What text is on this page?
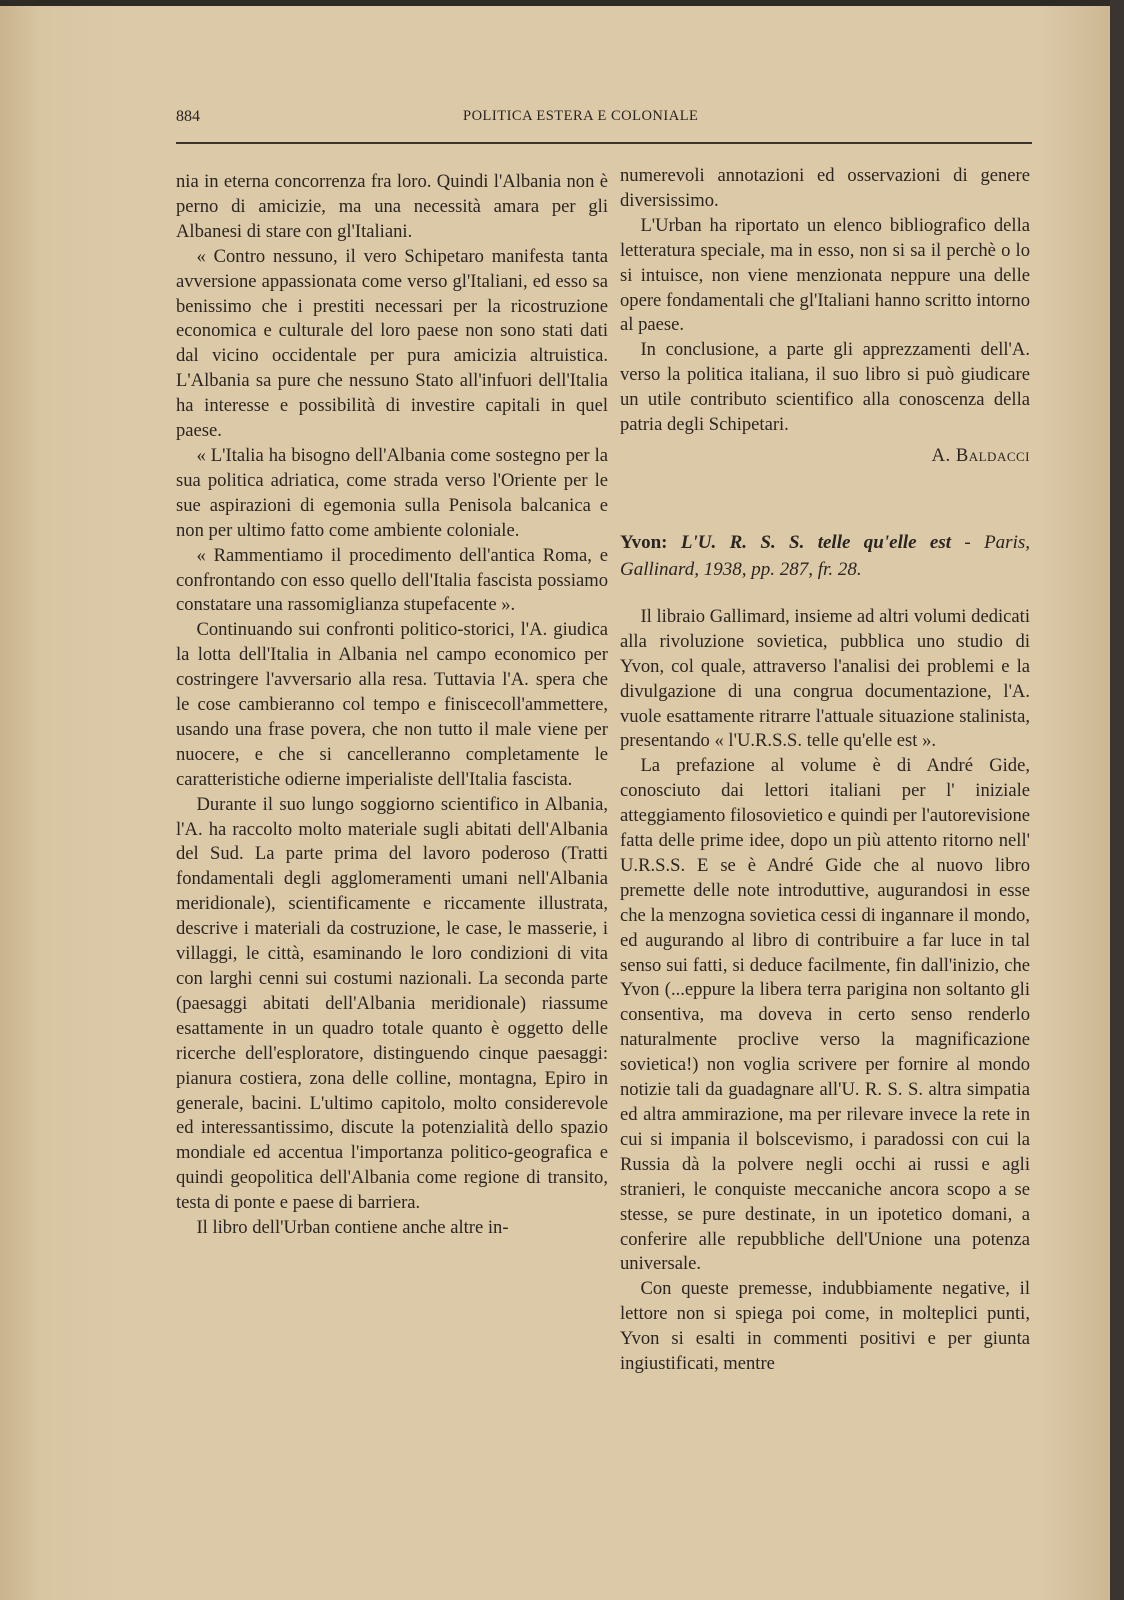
884	POLITICA ESTERA E COLONIALE

nia in eterna concorrenza fra loro. Quindi l'Albania non è perno di amicizie, ma una necessità amara per gli Albanesi di stare con gl'Italiani.

« Contro nessuno, il vero Schipetaro manifesta tanta avversione appassionata come verso gl'Italiani, ed esso sa benissimo che i prestiti necessari per la ricostruzione economica e culturale del loro paese non sono stati dati dal vicino occidentale per pura amicizia altruistica. L'Albania sa pure che nessuno Stato all'infuori dell'Italia ha interesse e possibilità di investire capitali in quel paese.

« L'Italia ha bisogno dell'Albania come sostegno per la sua politica adriatica, come strada verso l'Oriente per le sue aspirazioni di egemonia sulla Penisola balcanica e non per ultimo fatto come ambiente coloniale.

« Rammentiamo il procedimento dell'antica Roma, e confrontando con esso quello dell'Italia fascista possiamo constatare una rassomiglianza stupefacente ».

Continuando sui confronti politico-storici, l'A. giudica la lotta dell'Italia in Albania nel campo economico per costringere l'avversario alla resa. Tuttavia l'A. spera che le cose cambieranno col tempo e finiscecoll'ammettere, usando una frase povera, che non tutto il male viene per nuocere, e che si cancelleranno completamente le caratteristiche odierne imperialiste dell'Italia fascista.

Durante il suo lungo soggiorno scientifico in Albania, l'A. ha raccolto molto materiale sugli abitati dell'Albania del Sud. La parte prima del lavoro poderoso (Tratti fondamentali degli agglomeramenti umani nell'Albania meridionale), scientificamente e riccamente illustrata, descrive i materiali da costruzione, le case, le masserie, i villaggi, le città, esaminando le loro condizioni di vita con larghi cenni sui costumi nazionali. La seconda parte (paesaggi abitati dell'Albania meridionale) riassume esattamente in un quadro totale quanto è oggetto delle ricerche dell'esploratore, distinguendo cinque paesaggi: pianura costiera, zona delle colline, montagna, Epiro in generale, bacini. L'ultimo capitolo, molto considerevole ed interessantissimo, discute la potenzialità dello spazio mondiale ed accentua l'importanza politico-geografica e quindi geopolitica dell'Albania come regione di transito, testa di ponte e paese di barriera.

Il libro dell'Urban contiene anche altre in-

numerevoli annotazioni ed osservazioni di genere diversissimo.

L'Urban ha riportato un elenco bibliografico della letteratura speciale, ma in esso, non si sa il perchè o lo si intuisce, non viene menzionata neppure una delle opere fondamentali che gl'Italiani hanno scritto intorno al paese.

In conclusione, a parte gli apprezzamenti dell'A. verso la politica italiana, il suo libro si può giudicare un utile contributo scientifico alla conoscenza della patria degli Schipetari.

A. Baldacci
Yvon: L'U. R. S. S. telle qu'elle est - Paris, Gallinard, 1938, pp. 287, fr. 28.

Il libraio Gallimard, insieme ad altri volumi dedicati alla rivoluzione sovietica, pubblica uno studio di Yvon, col quale, attraverso l'analisi dei problemi e la divulgazione di una congrua documentazione, l'A. vuole esattamente ritrarre l'attuale situazione stalinista, presentando « l'U.R.S.S. telle qu'elle est ».

La prefazione al volume è di André Gide, conosciuto dai lettori italiani per l' iniziale atteggiamento filosovietico e quindi per l'autorevisione fatta delle prime idee, dopo un più attento ritorno nell' U.R.S.S. E se è André Gide che al nuovo libro premette delle note introduttive, augurandosi in esse che la menzogna sovietica cessi di ingannare il mondo, ed augurando al libro di contribuire a far luce in tal senso sui fatti, si deduce facilmente, fin dall'inizio, che Yvon (...eppure la libera terra parigina non soltanto gli consentiva, ma doveva in certo senso renderlo naturalmente proclive verso la magnificazione sovietica!) non voglia scrivere per fornire al mondo notizie tali da guadagnare all'U. R. S. S. altra simpatia ed altra ammirazione, ma per rilevare invece la rete in cui si impania il bolscevismo, i paradossi con cui la Russia dà la polvere negli occhi ai russi e agli stranieri, le conquiste meccaniche ancora scopo a se stesse, se pure destinate, in un ipotetico domani, a conferire alle repubbliche dell'Unione una potenza universale.

Con queste premesse, indubbiamente negative, il lettore non si spiega poi come, in molteplici punti, Yvon si esalti in commenti positivi e per giunta ingiustificati, mentre
